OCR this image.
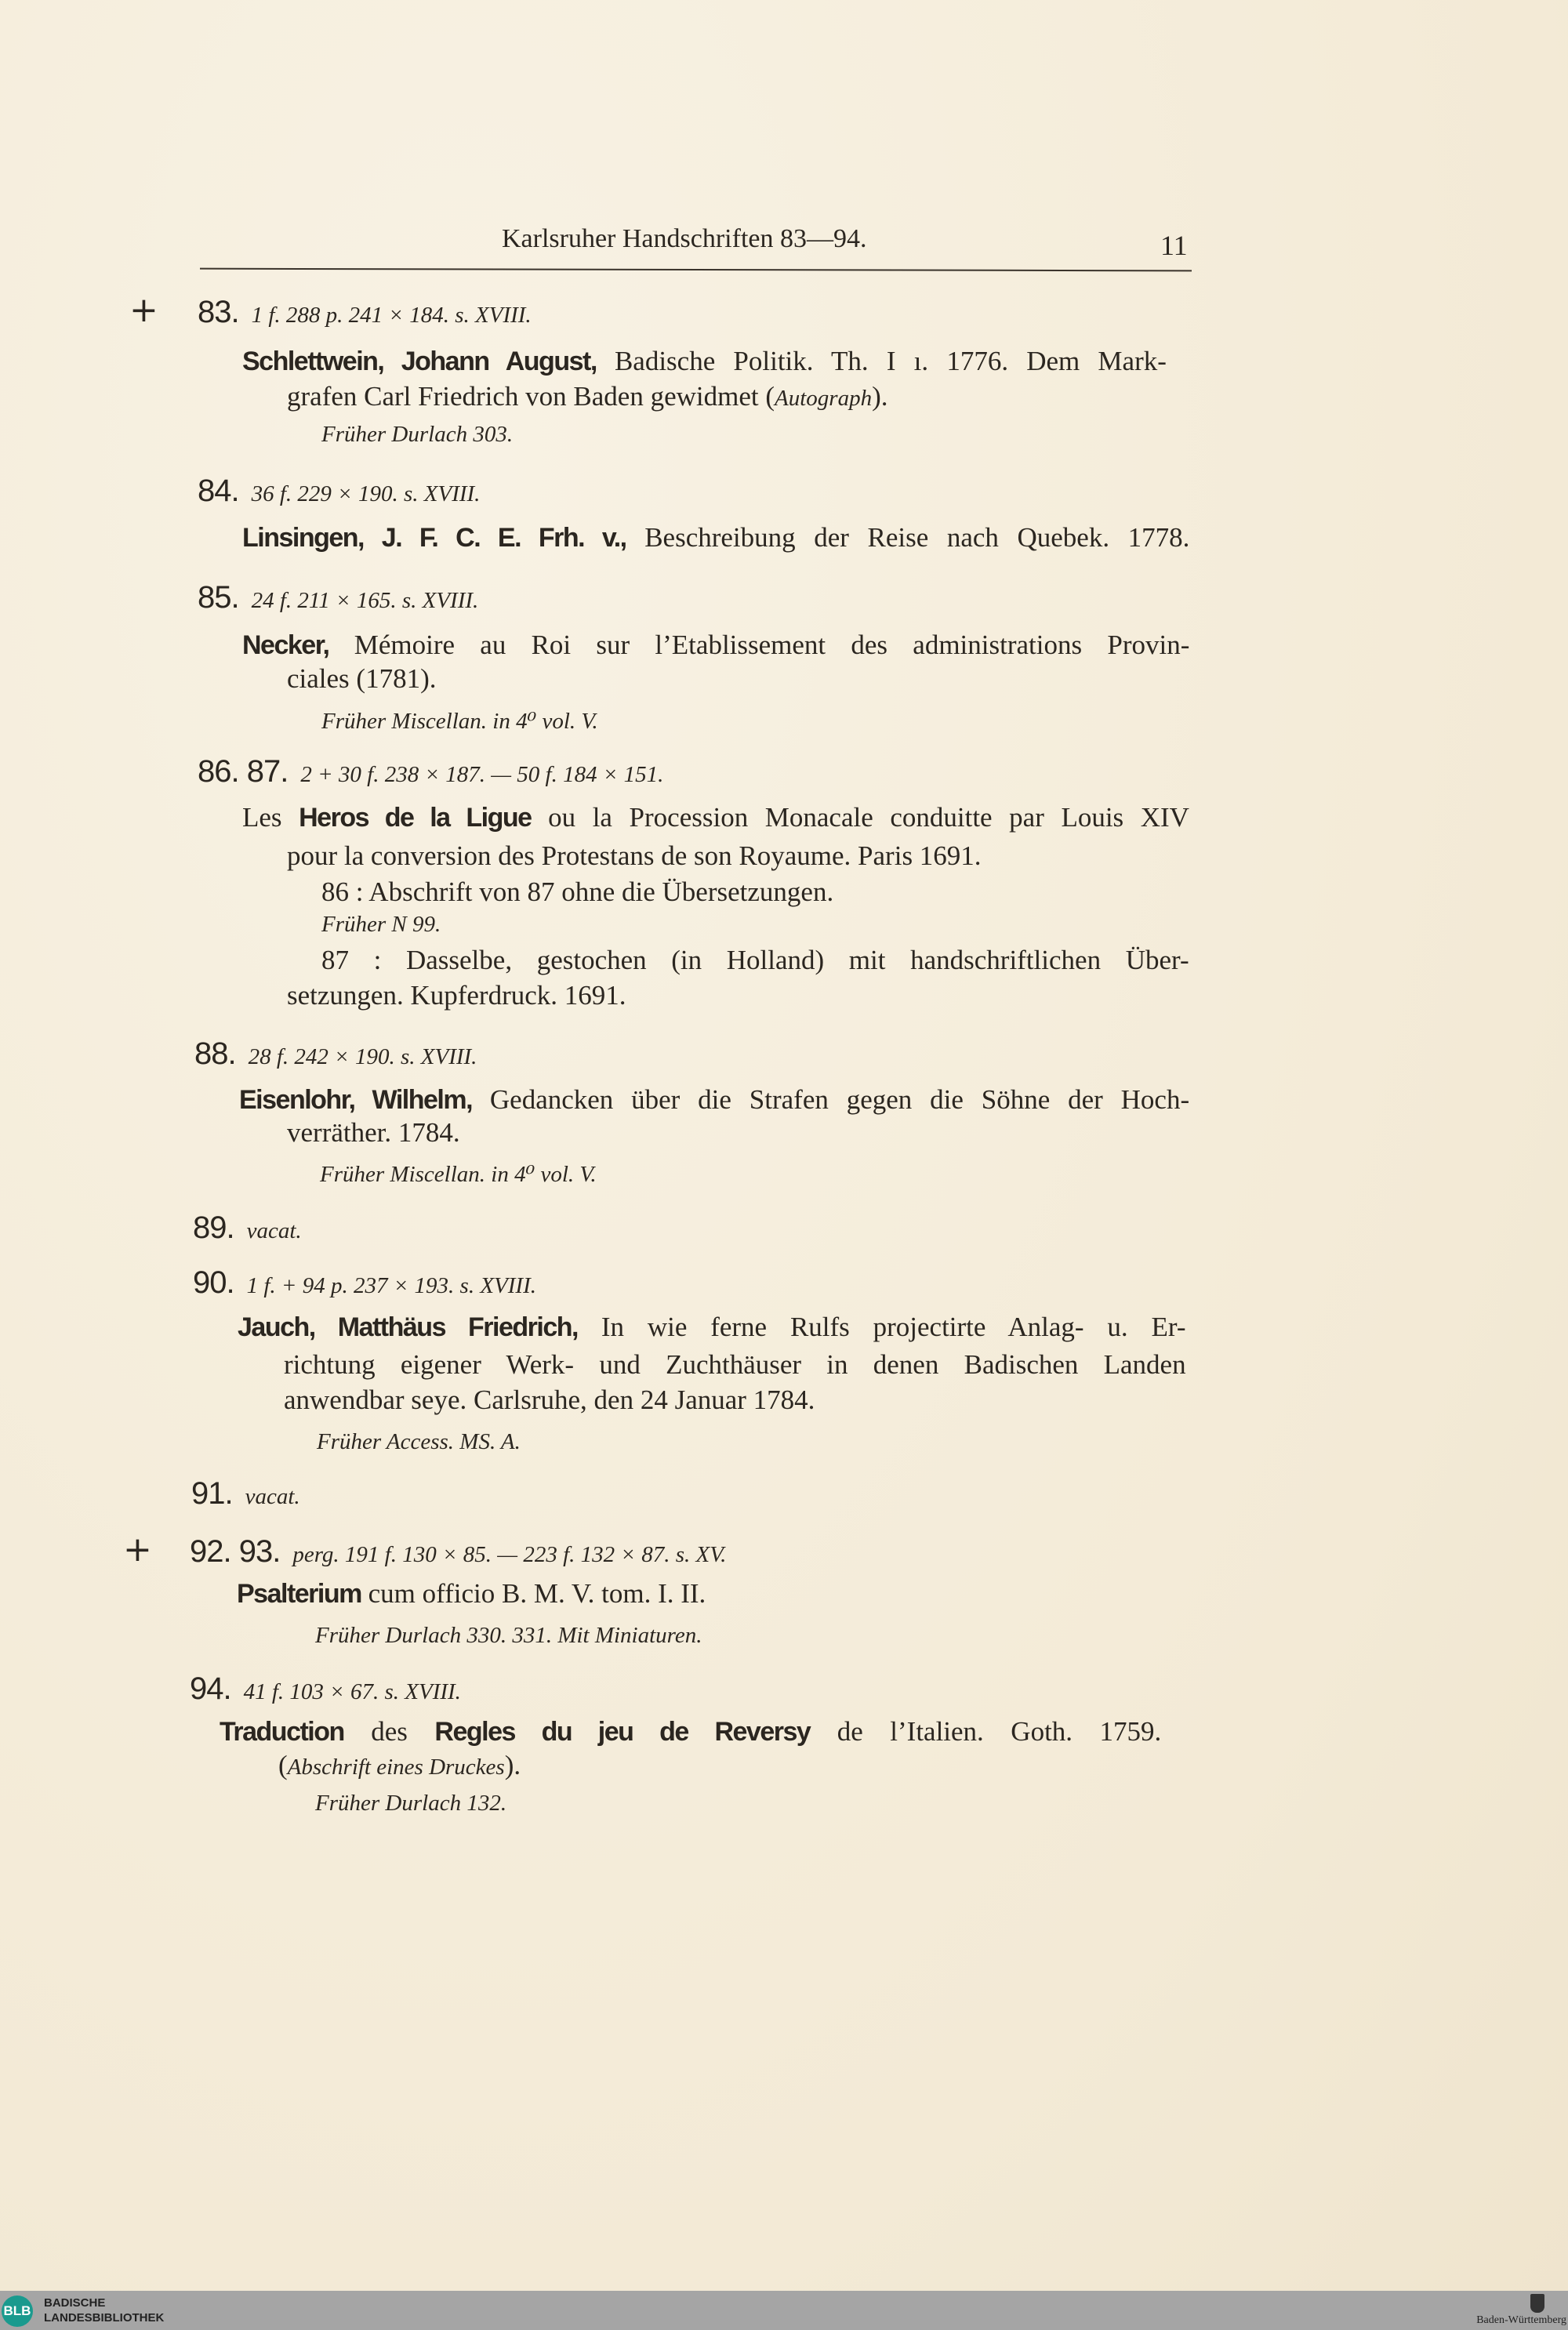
Karlsruher Handschriften 83—94.	11
+
+
83. 1 f. 288 p. 241 × 184. s. XVIII.
Schlettwein, Johann August, Badische Politik. Th. I ı. 1776. Dem Mark-
grafen Carl Friedrich von Baden gewidmet (Autograph).
Früher Durlach 303.
84. 36 f. 229 × 190. s. XVIII.
Linsingen, J. F. C. E. Frh. v., Beschreibung der Reise nach Quebek. 1778.
85. 24 f. 211 × 165. s. XVIII.
Necker, Mémoire au Roi sur l’Etablissement des administrations Provin-
ciales (1781).
Früher Miscellan. in 4⁰ vol. V.
86. 87. 2 + 30 f. 238 × 187. — 50 f. 184 × 151.
Les Heros de la Ligue ou la Procession Monacale conduitte par Louis XIV
pour la conversion des Protestans de son Royaume. Paris 1691.
86 : Abschrift von 87 ohne die Übersetzungen.
Früher N 99.
87 : Dasselbe, gestochen (in Holland) mit handschriftlichen Über-
setzungen. Kupferdruck. 1691.
88. 28 f. 242 × 190. s. XVIII.
Eisenlohr, Wilhelm, Gedancken über die Strafen gegen die Söhne der Hoch-
verräther. 1784.
Früher Miscellan. in 4⁰ vol. V.
89. vacat.
90. 1 f. + 94 p. 237 × 193. s. XVIII.
Jauch, Matthäus Friedrich, In wie ferne Rulfs projectirte Anlag- u. Er-
richtung eigener Werk- und Zuchthäuser in denen Badischen Landen
anwendbar seye. Carlsruhe, den 24 Januar 1784.
Früher Access. MS. A.
91. vacat.
92. 93. perg. 191 f. 130 × 85. — 223 f. 132 × 87. s. XV.
Psalterium cum officio B. M. V. tom. I. II.
Früher Durlach 330. 331. Mit Miniaturen.
94. 41 f. 103 × 67. s. XVIII.
Traduction des Regles du jeu de Reversy de l’Italien. Goth. 1759.
(Abschrift eines Druckes).
Früher Durlach 132.
BLB
BADISCHE
LANDESBIBLIOTHEK	Baden-Württemberg
